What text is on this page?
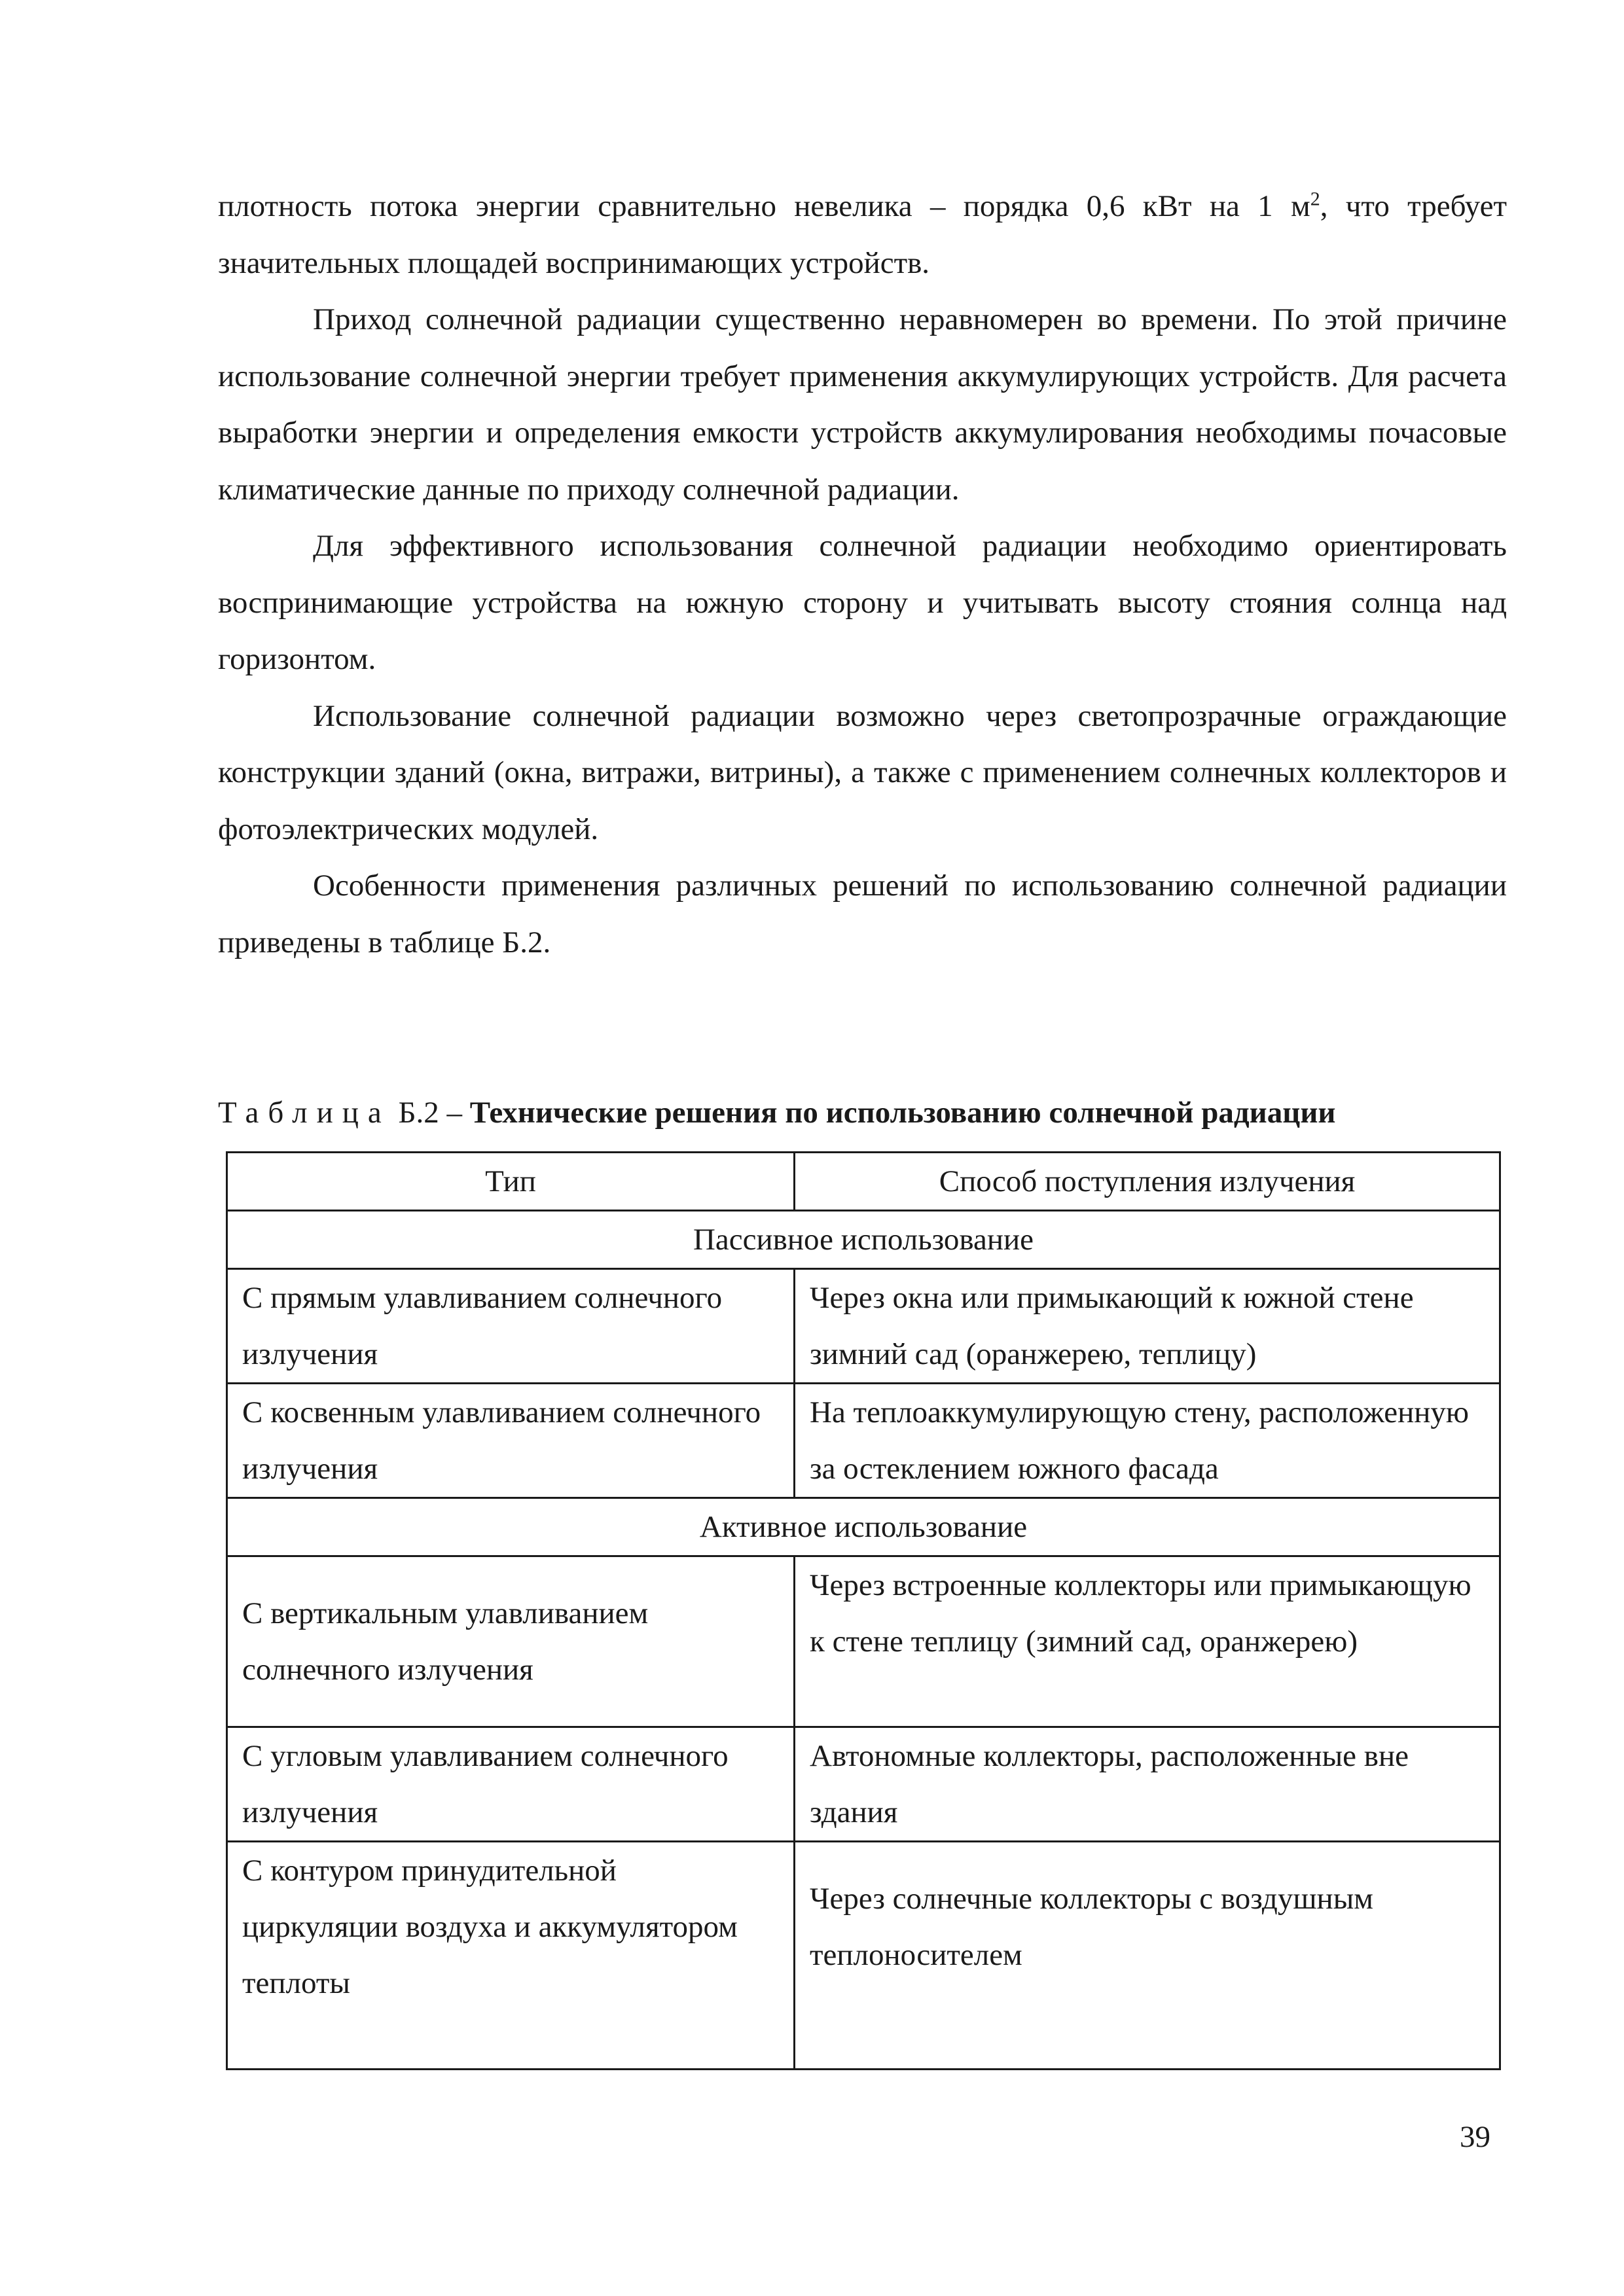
плотность потока энергии сравнительно невелика – порядка 0,6 кВт на 1 $м^2$, что требует значительных площадей воспринимающих устройств.

Приход солнечной радиации существенно неравномерен во времени. По этой причине использование солнечной энергии требует применения аккумулирующих устройств. Для расчета выработки энергии и определения емкости устройств аккумулирования необходимы почасовые климатические данные по приходу солнечной радиации.

Для эффективного использования солнечной радиации необходимо ориентировать воспринимающие устройства на южную сторону и учитывать высоту стояния солнца над горизонтом.

Использование солнечной радиации возможно через светопрозрачные ограждающие конструкции зданий (окна, витражи, витрины), а также с применением солнечных коллекторов и фотоэлектрических модулей.

Особенности применения различных решений по использованию солнечной радиации приведены в таблице Б.2.

Таблица Б.2 – Технические решения по использованию солнечной радиации
Тип	Способ поступления излучения
Пассивное использование	
С прямым улавливанием солнечного излучения	Через окна или примыкающий к южной стене зимний сад (оранжерею, теплицу)
С косвенным улавливанием солнечного излучения	На теплоаккумулирующую стену, расположенную за остеклением южного фасада
Активное использование	
С вертикальным улавливанием солнечного излучения	Через встроенные коллекторы или примыкающую к стене теплицу (зимний сад, оранжерею)
С угловым улавливанием солнечного излучения	Автономные коллекторы, расположенные вне здания
С контуром принудительной циркуляции воздуха и аккумулятором теплоты	Через солнечные коллекторы с воздушным теплоносителем
39
